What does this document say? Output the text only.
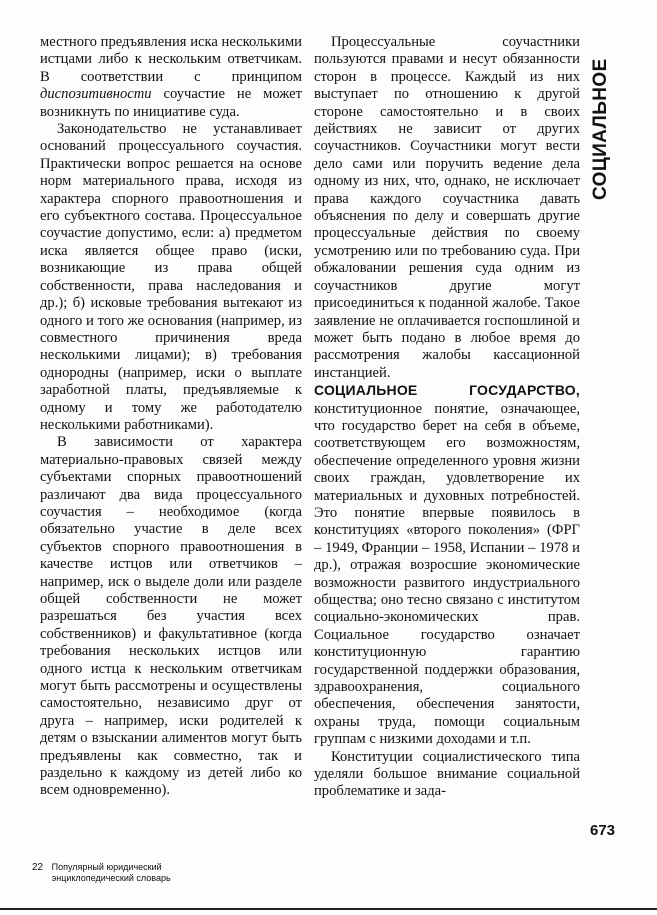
местного предъявления иска несколькими истцами либо к нескольким ответчикам. В соответствии с принципом диспозитивности соучастие не может возникнуть по инициативе суда.

Законодательство не устанавливает оснований процессуального соучастия. Практически вопрос решается на основе норм материального права, исходя из характера спорного правоотношения и его субъектного состава. Процессуальное соучастие допустимо, если: а) предметом иска является общее право (иски, возникающие из права общей собственности, права наследования и др.); б) исковые требования вытекают из одного и того же основания (например, из совместного причинения вреда несколькими лицами); в) требования однородны (например, иски о выплате заработной платы, предъявляемые к одному и тому же работодателю несколькими работниками).

В зависимости от характера материально-правовых связей между субъектами спорных правоотношений различают два вида процессуального соучастия – необходимое (когда обязательно участие в деле всех субъектов спорного правоотношения в качестве истцов или ответчиков – например, иск о выделе доли или разделе общей собственности не может разрешаться без участия всех собственников) и факультативное (когда требования нескольких истцов или одного истца к нескольким ответчикам могут быть рассмотрены и осуществлены самостоятельно, независимо друг от друга – например, иски родителей к детям о взыскании алиментов могут быть предъявлены как совместно, так и раздельно к каждому из детей либо ко всем одновременно).

Процессуальные соучастники пользуются правами и несут обязанности сторон в процессе. Каждый из них выступает по отношению к другой стороне самостоятельно и в своих действиях не зависит от других соучастников. Соучастники могут вести дело сами или поручить ведение дела одному из них, что, однако, не исключает права каждого соучастника давать объяснения по делу и совершать другие процессуальные действия по своему усмотрению или по требованию суда. При обжаловании решения суда одним из соучастников другие могут присоединиться к поданной жалобе. Такое заявление не оплачивается госпошлиной и может быть подано в любое время до рассмотрения жалобы кассационной инстанцией.

СОЦИАЛЬНОЕ ГОСУДАРСТВО, конституционное понятие, означающее, что государство берет на себя в объеме, соответствующем его возможностям, обеспечение определенного уровня жизни своих граждан, удовлетворение их материальных и духовных потребностей. Это понятие впервые появилось в конституциях «второго поколения» (ФРГ – 1949, Франции – 1958, Испании – 1978 и др.), отражая возросшие экономические возможности развитого индустриального общества; оно тесно связано с институтом социально-экономических прав. Социальное государство означает конституционную гарантию государственной поддержки образования, здравоохранения, социального обеспечения, обеспечения занятости, охраны труда, помощи социальным группам с низкими доходами и т.п.

Конституции социалистического типа уделяли большое внимание социальной проблематике и зада-

СОЦИАЛЬНОЕ
673
22 Популярный юридический
энциклопедический словарь
